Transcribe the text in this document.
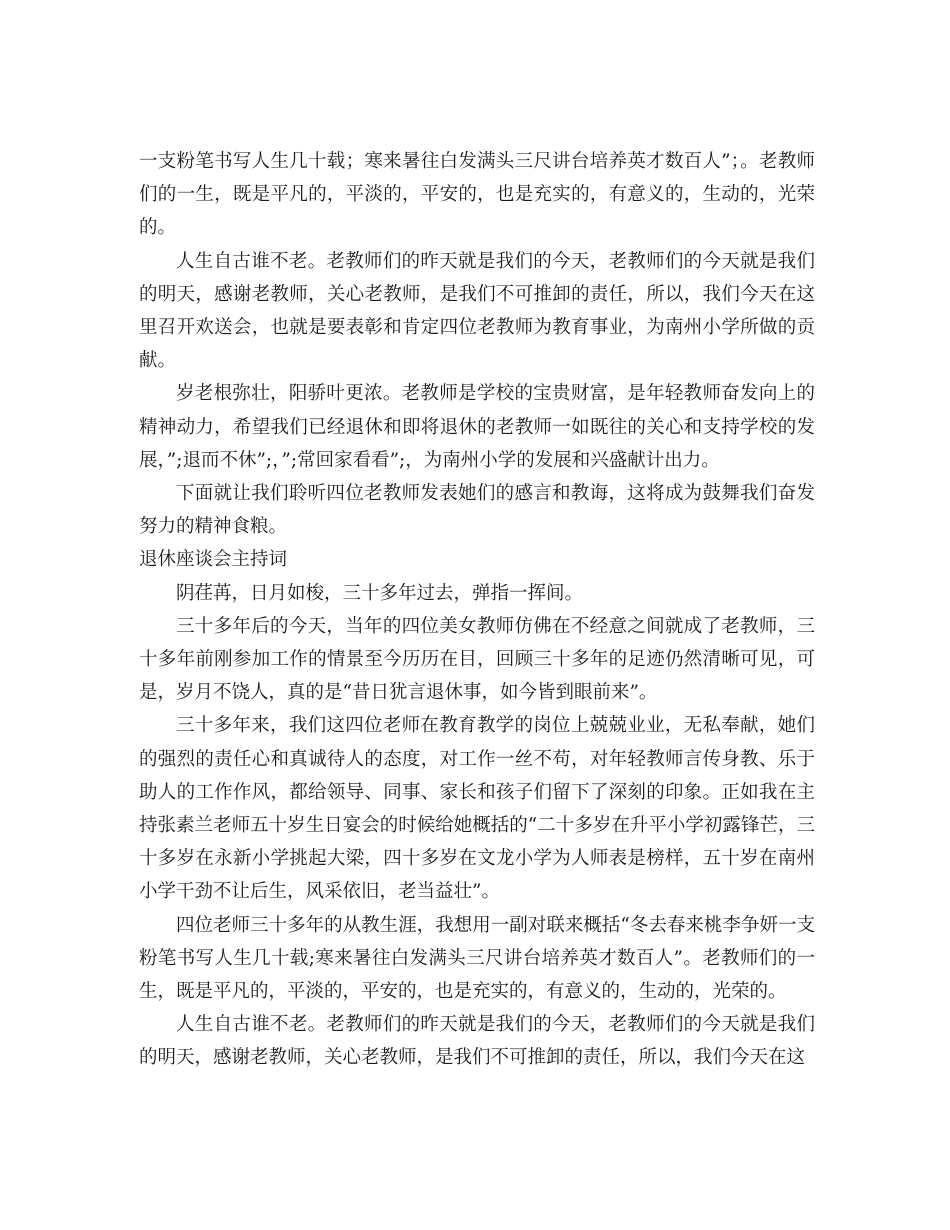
一支粉笔书写人生几十载；寒来暑往白发满头三尺讲台培养英才数百人”；。老教师们的一生，既是平凡的，平淡的，平安的，也是充实的，有意义的，生动的，光荣的。

人生自古谁不老。老教师们的昨天就是我们的今天，老教师们的今天就是我们的明天，感谢老教师，关心老教师，是我们不可推卸的责任，所以，我们今天在这里召开欢送会，也就是要表彰和肯定四位老教师为教育事业，为南州小学所做的贡献。

岁老根弥壮，阳骄叶更浓。老教师是学校的宝贵财富，是年轻教师奋发向上的精神动力，希望我们已经退休和即将退休的老教师一如既往的关心和支持学校的发展，”;退而不休”;，”;常回家看看”;，为南州小学的发展和兴盛献计出力。

下面就让我们聆听四位老教师发表她们的感言和教诲，这将成为鼓舞我们奋发努力的精神食粮。

退休座谈会主持词

阴荏苒，日月如梭，三十多年过去，弹指一挥间。

三十多年后的今天，当年的四位美女教师仿佛在不经意之间就成了老教师，三十多年前刚参加工作的情景至今历历在目，回顾三十多年的足迹仍然清晰可见，可是，岁月不饶人，真的是“昔日犹言退休事，如今皆到眼前来”。

三十多年来，我们这四位老师在教育教学的岗位上兢兢业业，无私奉献，她们的强烈的责任心和真诚待人的态度，对工作一丝不苟，对年轻教师言传身教、乐于助人的工作作风，都给领导、同事、家长和孩子们留下了深刻的印象。正如我在主持张素兰老师五十岁生日宴会的时候给她概括的“二十多岁在升平小学初露锋芒，三十多岁在永新小学挑起大梁，四十多岁在文龙小学为人师表是榜样，五十岁在南州小学干劲不让后生，风采依旧，老当益壮”。

四位老师三十多年的从教生涯，我想用一副对联来概括“冬去春来桃李争妍一支粉笔书写人生几十载;寒来暑往白发满头三尺讲台培养英才数百人”。老教师们的一生，既是平凡的，平淡的，平安的，也是充实的，有意义的，生动的，光荣的。

人生自古谁不老。老教师们的昨天就是我们的今天，老教师们的今天就是我们的明天，感谢老教师，关心老教师，是我们不可推卸的责任，所以，我们今天在这
